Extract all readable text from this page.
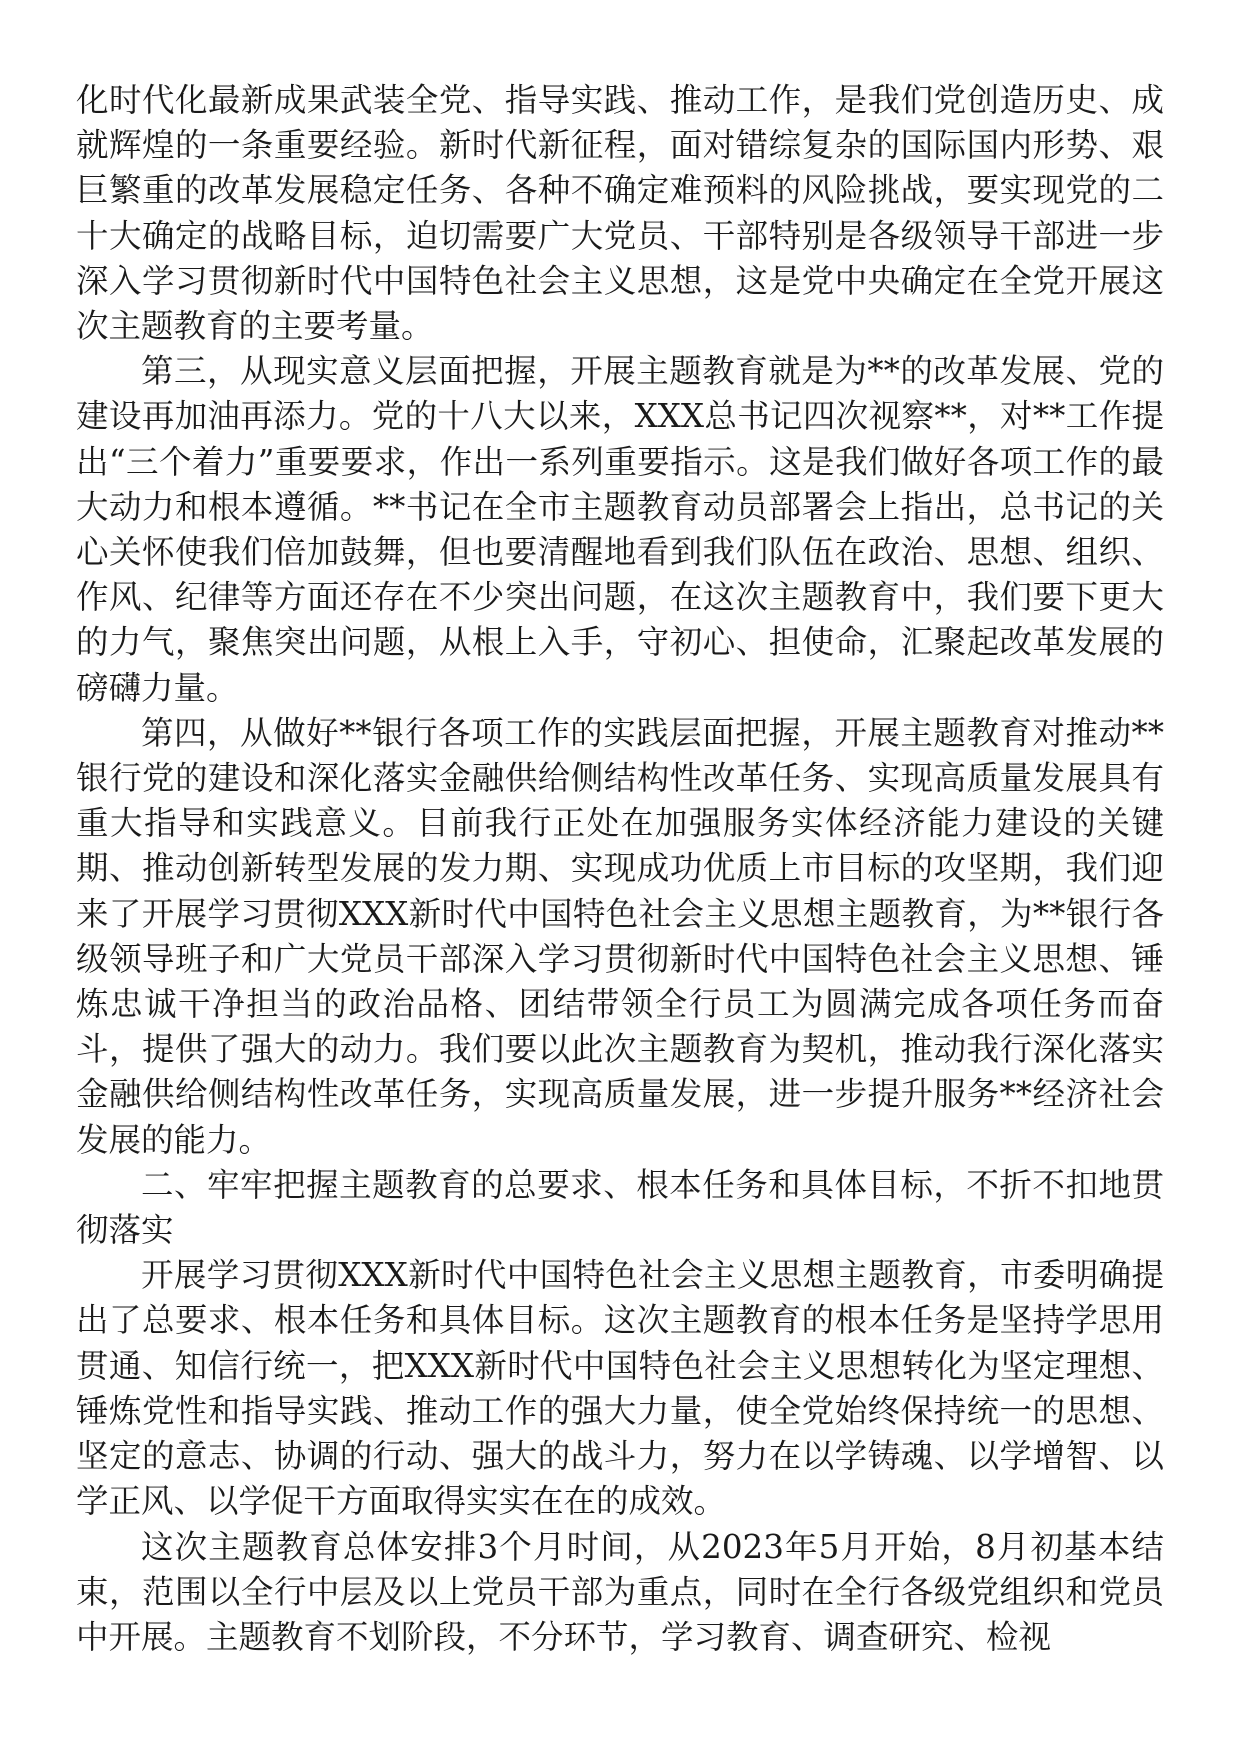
化时代化最新成果武装全党、指导实践、推动工作，是我们党创造历史、成就辉煌的一条重要经验。新时代新征程，面对错综复杂的国际国内形势、艰巨繁重的改革发展稳定任务、各种不确定难预料的风险挑战，要实现党的二十大确定的战略目标，迫切需要广大党员、干部特别是各级领导干部进一步深入学习贯彻新时代中国特色社会主义思想，这是党中央确定在全党开展这次主题教育的主要考量。

第三，从现实意义层面把握，开展主题教育就是为**的改革发展、党的建设再加油再添力。党的十八大以来，XXX总书记四次视察**，对**工作提出“三个着力”重要要求，作出一系列重要指示。这是我们做好各项工作的最大动力和根本遵循。**书记在全市主题教育动员部署会上指出，总书记的关心关怀使我们倍加鼓舞，但也要清醒地看到我们队伍在政治、思想、组织、作风、纪律等方面还存在不少突出问题，在这次主题教育中，我们要下更大的力气，聚焦突出问题，从根上入手，守初心、担使命，汇聚起改革发展的磅礴力量。

第四，从做好**银行各项工作的实践层面把握，开展主题教育对推动**银行党的建设和深化落实金融供给侧结构性改革任务、实现高质量发展具有重大指导和实践意义。目前我行正处在加强服务实体经济能力建设的关键期、推动创新转型发展的发力期、实现成功优质上市目标的攻坚期，我们迎来了开展学习贯彻XXX新时代中国特色社会主义思想主题教育，为**银行各级领导班子和广大党员干部深入学习贯彻新时代中国特色社会主义思想、锤炼忠诚干净担当的政治品格、团结带领全行员工为圆满完成各项任务而奋斗，提供了强大的动力。我们要以此次主题教育为契机，推动我行深化落实金融供给侧结构性改革任务，实现高质量发展，进一步提升服务**经济社会发展的能力。

二、牢牢把握主题教育的总要求、根本任务和具体目标，不折不扣地贯彻落实

开展学习贯彻XXX新时代中国特色社会主义思想主题教育，市委明确提出了总要求、根本任务和具体目标。这次主题教育的根本任务是坚持学思用贯通、知信行统一，把XXX新时代中国特色社会主义思想转化为坚定理想、锤炼党性和指导实践、推动工作的强大力量，使全党始终保持统一的思想、坚定的意志、协调的行动、强大的战斗力，努力在以学铸魂、以学增智、以学正风、以学促干方面取得实实在在的成效。

这次主题教育总体安排3个月时间，从2023年5月开始，8月初基本结束，范围以全行中层及以上党员干部为重点，同时在全行各级党组织和党员中开展。主题教育不划阶段，不分环节，学习教育、调查研究、检视
